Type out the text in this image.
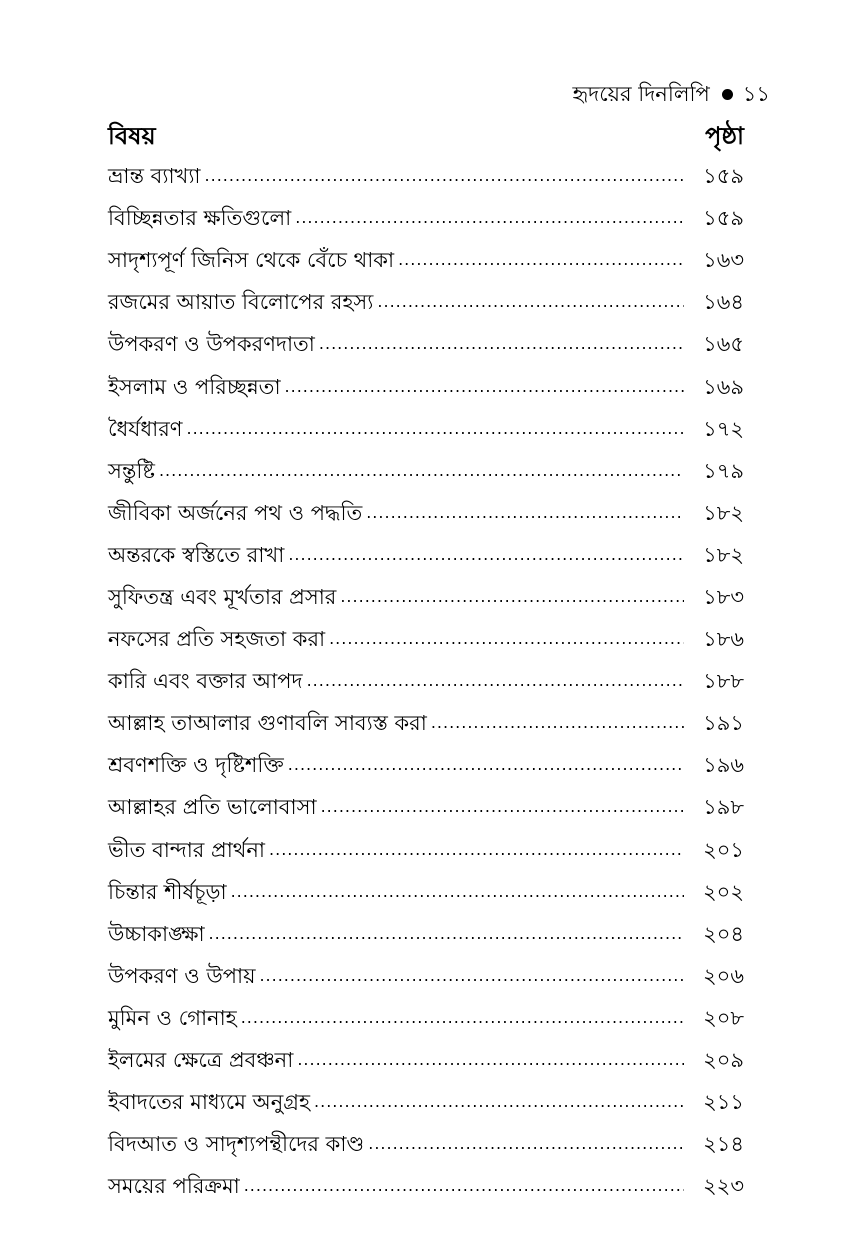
হৃদয়ের দিনলিপি ১১
বিষয়	পৃষ্ঠা
ভ্রান্ত ব্যাখ্যা .....	১৫৯
বিচ্ছিন্নতার ক্ষতিগুলো .....	১৫৯
সাদৃশ্যপূর্ণ জিনিস থেকে বেঁচে থাকা .....	১৬৩
রজমের আয়াত বিলোপের রহস্য .....	১৬৪
উপকরণ ও উপকরণদাতা .....	১৬৫
ইসলাম ও পরিচ্ছন্নতা .....	১৬৯
ধৈর্যধারণ .....	১৭২
সন্তুষ্টি .....	১৭৯
জীবিকা অর্জনের পথ ও পদ্ধতি .....	১৮২
অন্তরকে স্বস্তিতে রাখা .....	১৮২
সুফিতন্ত্র এবং মূর্খতার প্রসার .....	১৮৩
নফসের প্রতি সহজতা করা .....	১৮৬
কারি এবং বক্তার আপদ .....	১৮৮
আল্লাহ তাআলার গুণাবলি সাব্যস্ত করা .....	১৯১
শ্রবণশক্তি ও দৃষ্টিশক্তি .....	১৯৬
আল্লাহর প্রতি ভালোবাসা .....	১৯৮
ভীত বান্দার প্রার্থনা .....	২০১
চিন্তার শীর্ষচূড়া .....	২০২
উচ্চাকাঙ্ক্ষা .....	২০৪
উপকরণ ও উপায় .....	২০৬
মুমিন ও গোনাহ .....	২০৮
ইলমের ক্ষেত্রে প্রবঞ্চনা .....	২০৯
ইবাদতের মাধ্যমে অনুগ্রহ .....	২১১
বিদআত ও সাদৃশ্যপন্থীদের কাণ্ড .....	২১৪
সময়ের পরিক্রমা .....	২২৩
